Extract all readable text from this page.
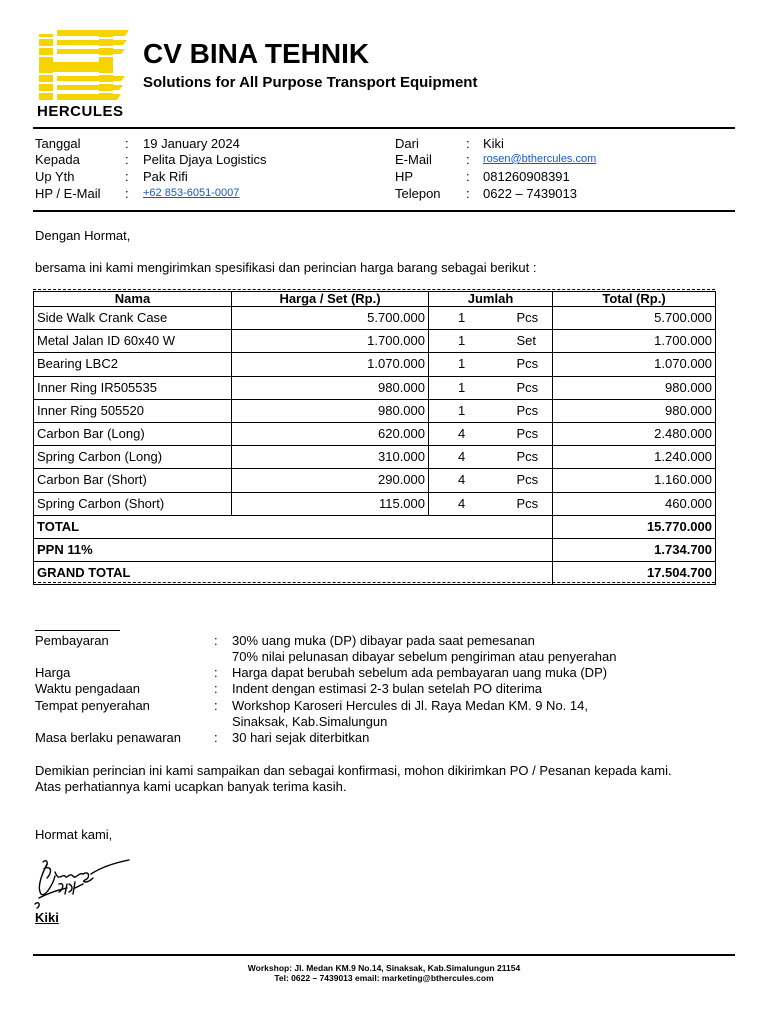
HERCULES
CV BINA TEHNIK
Solutions for All Purpose Transport Equipment
Tanggal	: 19 January 2024
Kepada	: Pelita Djaya Logistics
Up Yth	: Pak Rifi
HP / E-Mail : +62 853-6051-0007
Dari	: Kiki
E-Mail	: rosen@bthercules.com
HP	: 081260908391
Telepon : 0622 – 7439013
Dengan Hormat,
bersama ini kami mengirimkan spesifikasi dan perincian harga barang sebagai berikut :
Nama	Harga / Set (Rp.)	Jumlah		Total (Rp.)
Side Walk Crank Case	5.700.000	1	Pcs	5.700.000
Metal Jalan ID 60x40 W	1.700.000	1	Set	1.700.000
Bearing LBC2	1.070.000	1	Pcs	1.070.000
Inner Ring IR505535	980.000	1	Pcs	980.000
Inner Ring 505520	980.000	1	Pcs	980.000
Carbon Bar (Long)	620.000	4	Pcs	2.480.000
Spring Carbon (Long)	310.000	4	Pcs	1.240.000
Carbon Bar (Short)	290.000	4	Pcs	1.160.000
Spring Carbon (Short)	115.000	4	Pcs	460.000
TOTAL				15.770.000
PPN 11%				1.734.700
GRAND TOTAL				17.504.700
Pembayaran	: 30% uang muka (DP) dibayar pada saat pemesanan
70% nilai pelunasan dibayar sebelum pengiriman atau penyerahan
Harga	: Harga dapat berubah sebelum ada pembayaran uang muka (DP)
Waktu pengadaan	: Indent dengan estimasi 2-3 bulan setelah PO diterima
Tempat penyerahan	: Workshop Karoseri Hercules di Jl. Raya Medan KM. 9 No. 14,
Sinaksak, Kab.Simalungun
Masa berlaku penawaran	: 30 hari sejak diterbitkan
Demikian perincian ini kami sampaikan dan sebagai konfirmasi, mohon dikirimkan PO / Pesanan kepada kami.
Atas perhatiannya kami ucapkan banyak terima kasih.
Hormat kami,
Kiki
Workshop: Jl. Medan KM.9 No.14, Sinaksak, Kab.Simalungun 21154
Tel: 0622 – 7439013 email: marketing@bthercules.com
